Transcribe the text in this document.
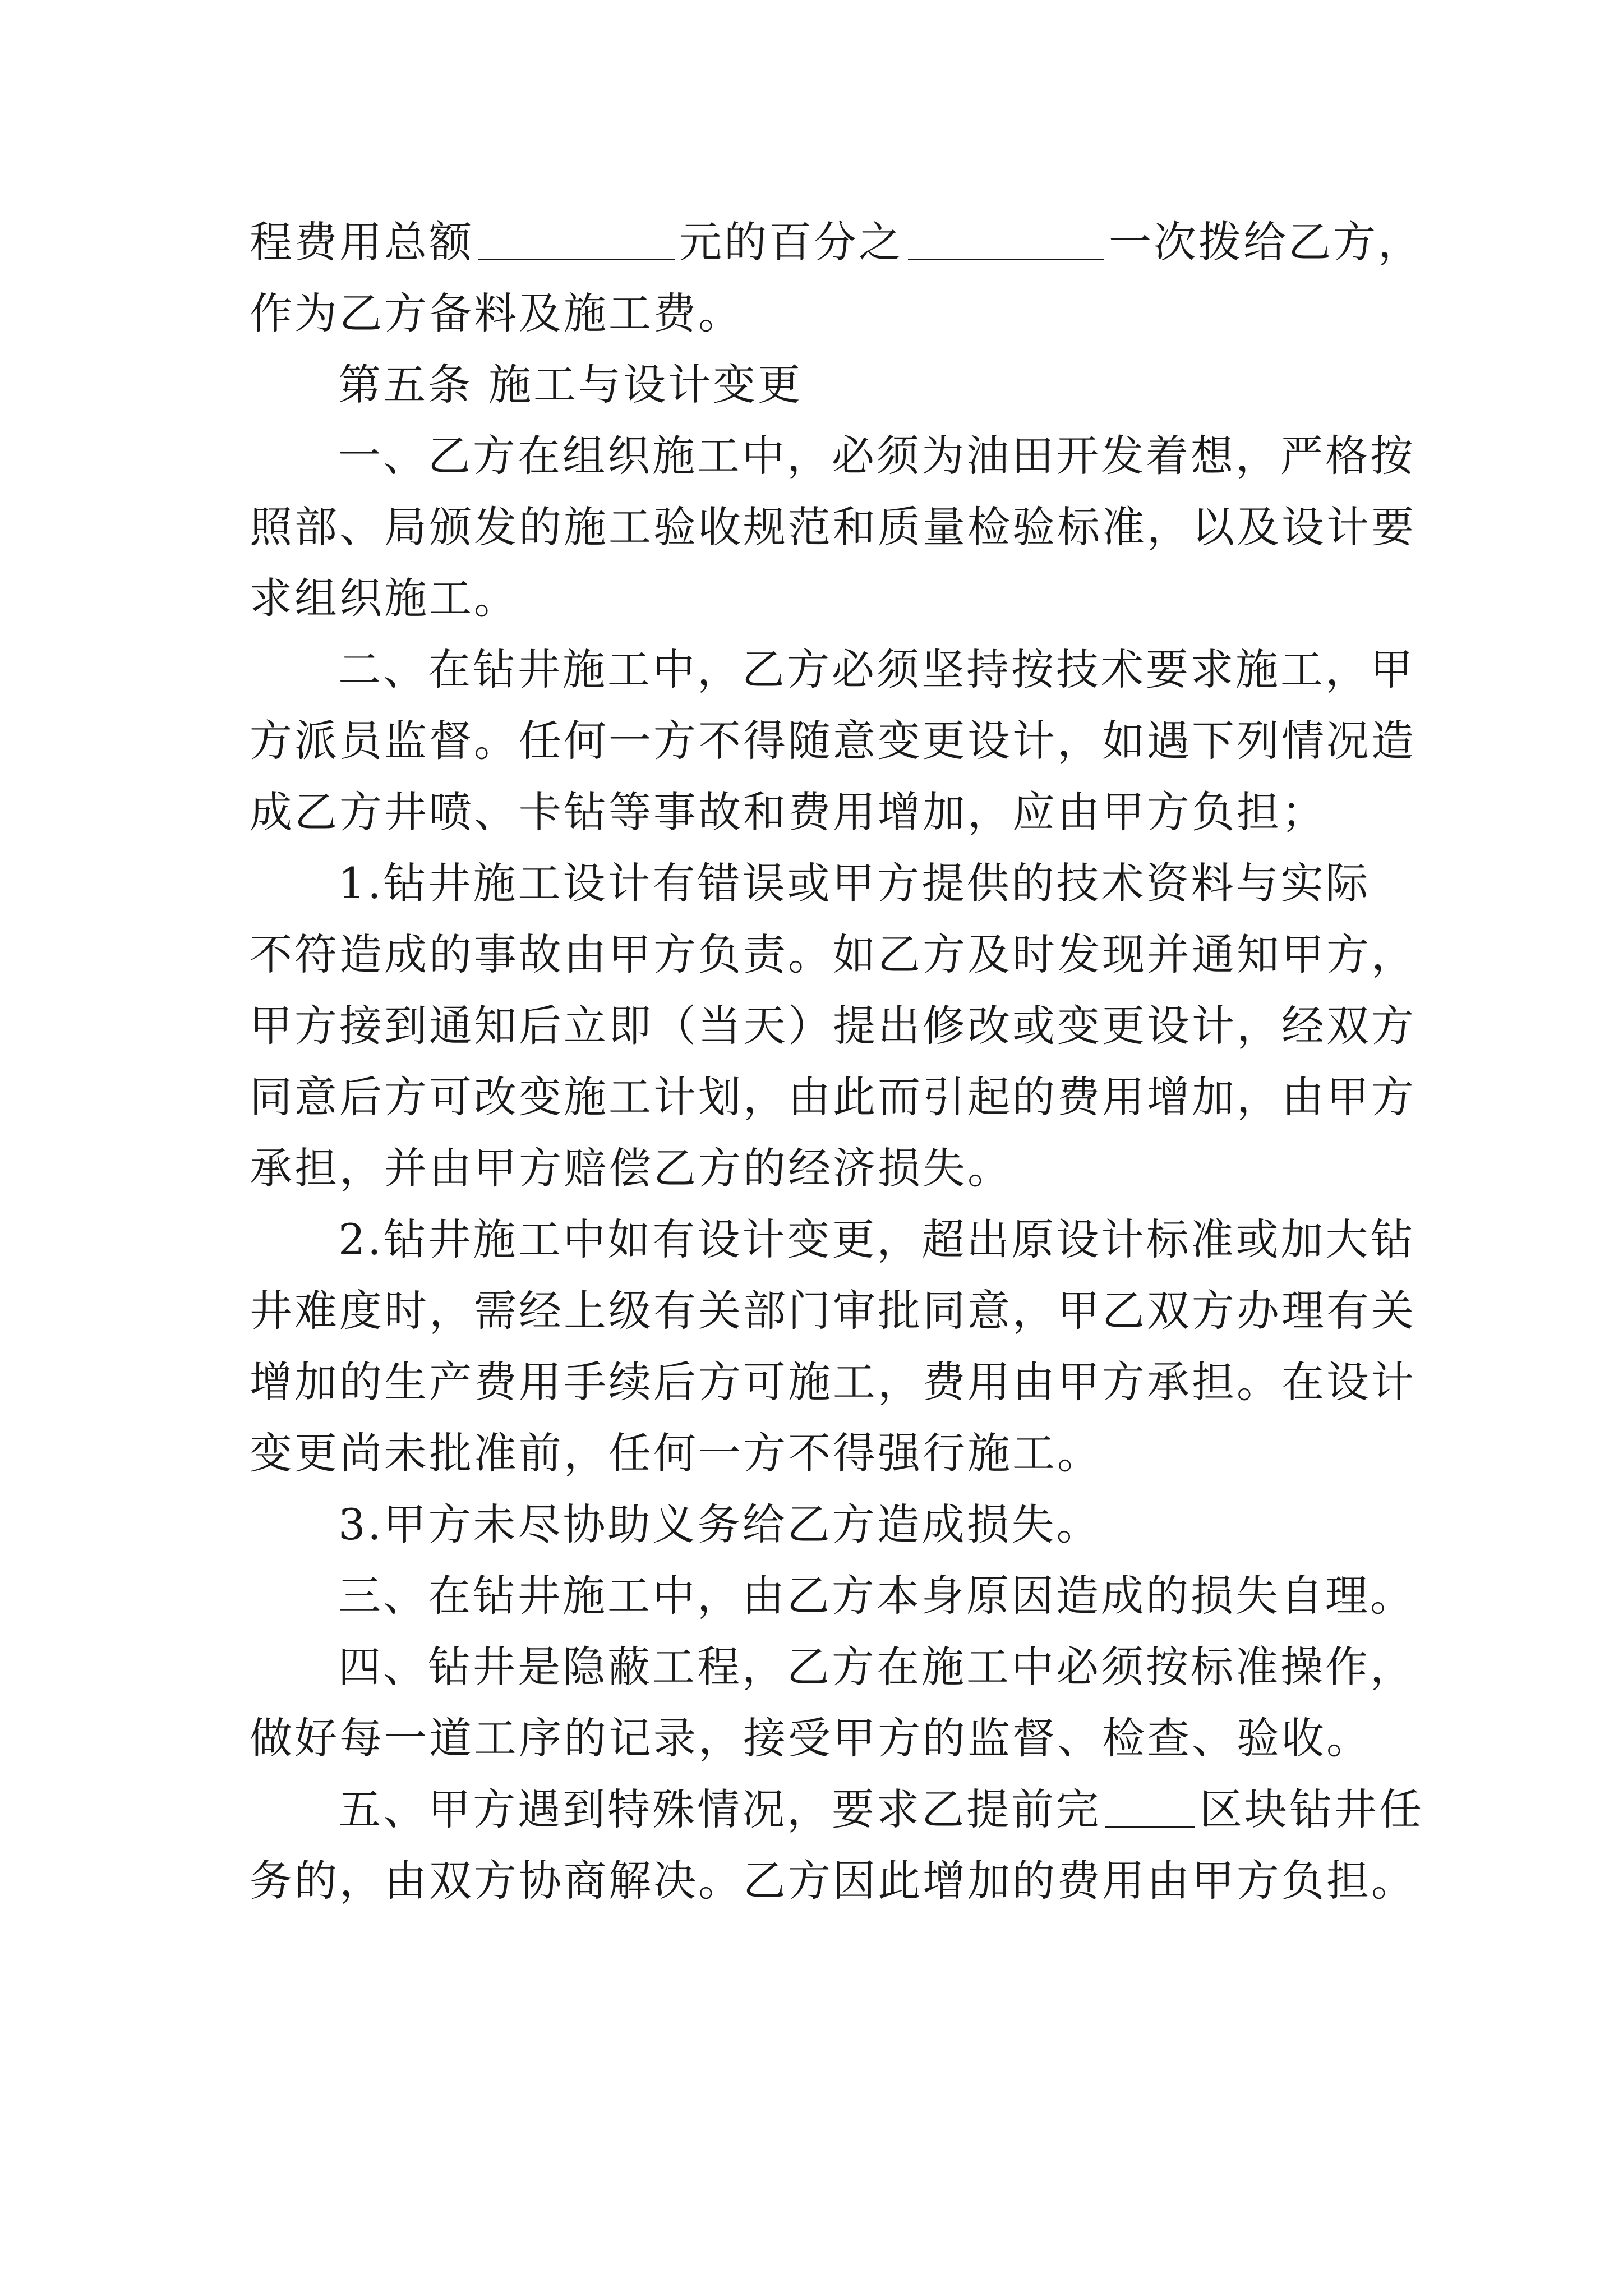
程费用总额	元的百分之	一次拨给乙方，
作为乙方备料及施工费。
第五条 施工与设计变更
一、乙方在组织施工中，必须为油田开发着想，严格按
照部、局颁发的施工验收规范和质量检验标准，以及设计要
求组织施工。
二、在钻井施工中，乙方必须坚持按技术要求施工，甲
方派员监督。任何一方不得随意变更设计，如遇下列情况造
成乙方井喷、卡钻等事故和费用增加，应由甲方负担；
1.钻井施工设计有错误或甲方提供的技术资料与实际
不符造成的事故由甲方负责。如乙方及时发现并通知甲方，
甲方接到通知后立即（当天）提出修改或变更设计，经双方
同意后方可改变施工计划，由此而引起的费用增加，由甲方
承担，并由甲方赔偿乙方的经济损失。
2.钻井施工中如有设计变更，超出原设计标准或加大钻
井难度时，需经上级有关部门审批同意，甲乙双方办理有关
增加的生产费用手续后方可施工，费用由甲方承担。在设计
变更尚未批准前，任何一方不得强行施工。
3.甲方未尽协助义务给乙方造成损失。
三、在钻井施工中，由乙方本身原因造成的损失自理。
四、钻井是隐蔽工程，乙方在施工中必须按标准操作，
做好每一道工序的记录，接受甲方的监督、检查、验收。
五、甲方遇到特殊情况，要求乙提前完 区块钻井任
务的，由双方协商解决。乙方因此增加的费用由甲方负担。
